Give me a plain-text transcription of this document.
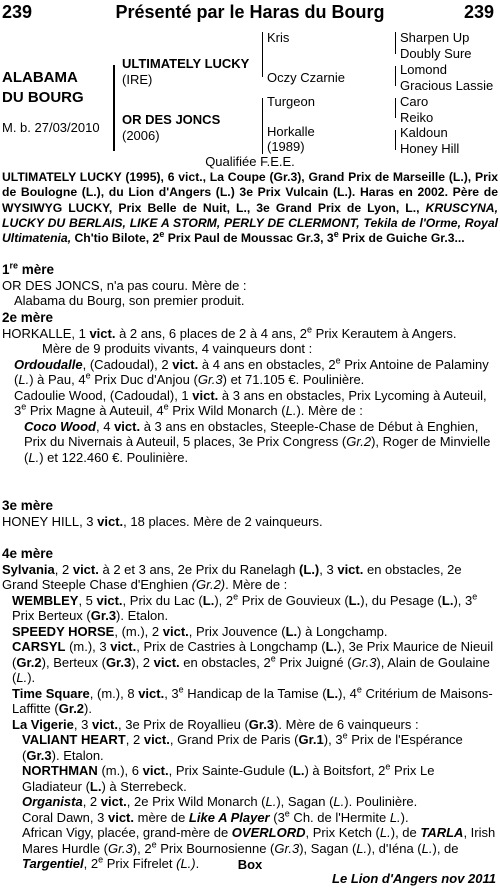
239	Présenté par le Haras du Bourg	239
ALABAMA
DU BOURG
M. b. 27/03/2010
ULTIMATELY LUCKY
(IRE)
OR DES JONCS
(2006)
Kris
Oczy Czarnie
Turgeon
Horkalle
(1989)
Sharpen Up
Doubly Sure
Lomond
Gracious Lassie
Caro
Reiko
Kaldoun
Honey Hill
Qualifiée F.E.E.
ULTIMATELY LUCKY (1995), 6 vict., La Coupe (Gr.3), Grand Prix de Marseille (L.), Prix de Boulogne (L.), du Lion d'Angers (L.) 3e Prix Vulcain (L.). Haras en 2002. Père de WYSIWYG LUCKY, Prix Belle de Nuit, L., 3e Grand Prix de Lyon, L., KRUSCYNA, LUCKY DU BERLAIS, LIKE A STORM, PERLY DE CLERMONT, Tekila de l'Orme, Royal Ultimatenia, Ch'tio Bilote, 2e Prix Paul de Moussac Gr.3, 3e Prix de Guiche Gr.3...

1re mère

OR DES JONCS, n'a pas couru. Mère de :

Alabama du Bourg, son premier produit.

2e mère

HORKALLE, 1 vict. à 2 ans, 6 places de 2 à 4 ans, 2e Prix Kerautem à Angers.

Mère de 9 produits vivants, 4 vainqueurs dont :

Ordoudalle, (Cadoudal), 2 vict. à 4 ans en obstacles, 2e Prix Antoine de Palaminy (L.) à Pau, 4e Prix Duc d'Anjou (Gr.3) et 71.105 €. Poulinière.

Cadoulie Wood, (Cadoudal), 1 vict. à 3 ans en obstacles, Prix Lycoming à Auteuil, 3e Prix Magne à Auteuil, 4e Prix Wild Monarch (L.). Mère de :

Coco Wood, 4 vict. à 3 ans en obstacles, Steeple-Chase de Début à Enghien, Prix du Nivernais à Auteuil, 5 places, 3e Prix Congress (Gr.2), Roger de Minvielle (L.) et 122.460 €. Poulinière.

3e mère

HONEY HILL, 3 vict., 18 places. Mère de 2 vainqueurs.

4e mère

Sylvania, 2 vict. à 2 et 3 ans, 2e Prix du Ranelagh (L.), 3 vict. en obstacles, 2e Grand Steeple Chase d'Enghien (Gr.2). Mère de :

WEMBLEY, 5 vict., Prix du Lac (L.), 2e Prix de Gouvieux (L.), du Pesage (L.), 3e Prix Berteux (Gr.3). Etalon.

SPEEDY HORSE, (m.), 2 vict., Prix Jouvence (L.) à Longchamp.

CARSYL (m.), 3 vict., Prix de Castries à Longchamp (L.), 3e Prix Maurice de Nieuil (Gr.2), Berteux (Gr.3), 2 vict. en obstacles, 2e Prix Juigné (Gr.3), Alain de Goulaine (L.).

Time Square, (m.), 8 vict., 3e Handicap de la Tamise (L.), 4e Critérium de Maisons-Laffitte (Gr.2).

La Vigerie, 3 vict., 3e Prix de Royallieu (Gr.3). Mère de 6 vainqueurs :

VALIANT HEART, 2 vict., Grand Prix de Paris (Gr.1), 3e Prix de l'Espérance (Gr.3). Etalon.

NORTHMAN (m.), 6 vict., Prix Sainte-Gudule (L.) à Boitsfort, 2e Prix Le Gladiateur (L.) à Sterrebeck.

Organista, 2 vict., 2e Prix Wild Monarch (L.), Sagan (L.). Poulinière.

Coral Dawn, 3 vict. mère de Like A Player (3e Ch. de l'Hermite L.).

African Vigy, placée, grand-mère de OVERLORD, Prix Ketch (L.), de TARLA, Irish Mares Hurdle (Gr.3), 2e Prix Bournosienne (Gr.3), Sagan (L.), d'Iéna (L.), de Targentiel, 2e Prix Fifrelet (L.).	Box
Le Lion d'Angers nov 2011
